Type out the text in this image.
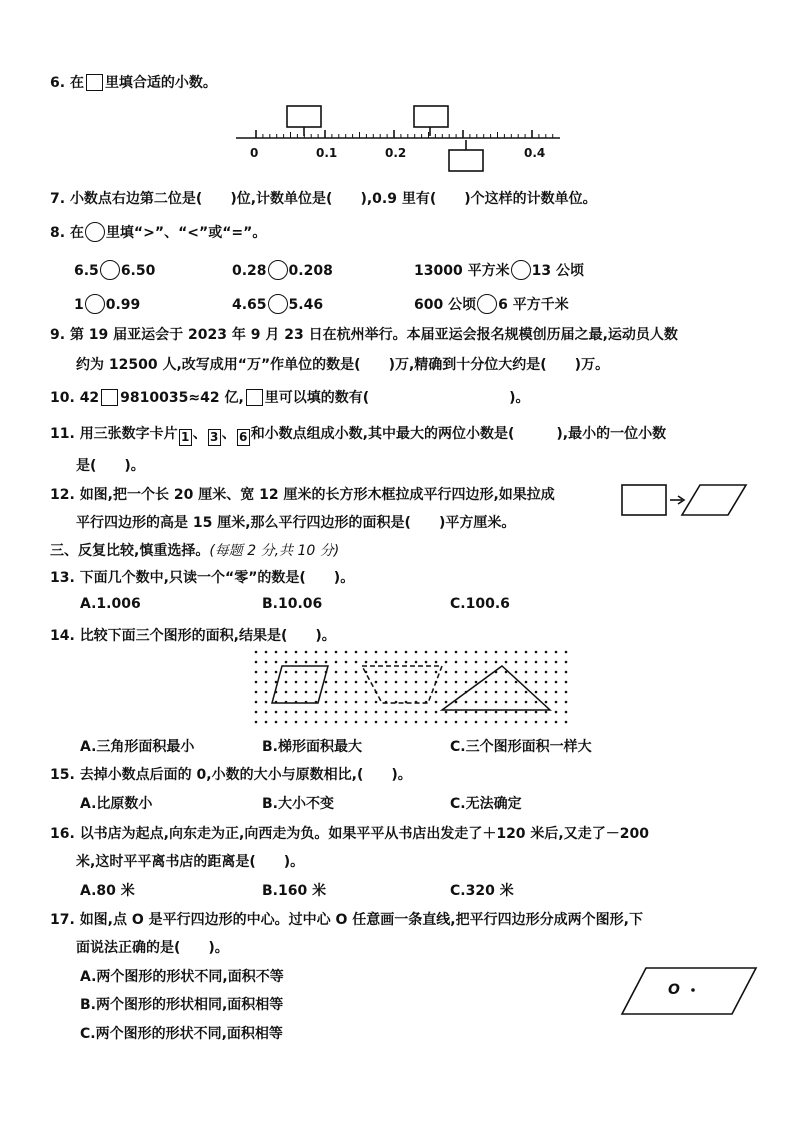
6. 在 里填合适的小数。
0	0.1	0.2	0.4
7. 小数点右边第二位是(　　)位,计数单位是(　　),0.9 里有(　　)个这样的计数单位。
8. 在 里填“>”、“<”或“=”。
6.5 6.50	0.28 0.208	13000 平方米 13 公顷
1 0.99	4.65 5.46	600 公顷 6 平方千米
9. 第 19 届亚运会于 2023 年 9 月 23 日在杭州举行。本届亚运会报名规模创历届之最,运动员人数
约为 12500 人,改写成用“万”作单位的数是(　　)万,精确到十分位大约是(　　)万。
10. 42 9810035≈42 亿, 里可以填的数有(　　　　　　　　　　)。
11. 用三张数字卡片 1 、 3 、 6 和小数点组成小数,其中最大的两位小数是(　　　),最小的一位小数
是(　　)。
12. 如图,把一个长 20 厘米、宽 12 厘米的长方形木框拉成平行四边形,如果拉成
平行四边形的高是 15 厘米,那么平行四边形的面积是(　　)平方厘米。
三、反复比较,慎重选择。(每题 2 分,共 10 分)
13. 下面几个数中,只读一个“零”的数是(　　)。
A.1.006	B.10.06	C.100.6
14. 比较下面三个图形的面积,结果是(　　)。
A.三角形面积最小	B.梯形面积最大	C.三个图形面积一样大
15. 去掉小数点后面的 0,小数的大小与原数相比,(　　)。
A.比原数小	B.大小不变	C.无法确定
16. 以书店为起点,向东走为正,向西走为负。如果平平从书店出发走了＋120 米后,又走了－200
米,这时平平离书店的距离是(　　)。
A.80 米	B.160 米	C.320 米
17. 如图,点 O 是平行四边形的中心。过中心 O 任意画一条直线,把平行四边形分成两个图形,下
面说法正确的是(　　)。
A.两个图形的形状不同,面积不等
B.两个图形的形状相同,面积相等
C.两个图形的形状不同,面积相等
O
